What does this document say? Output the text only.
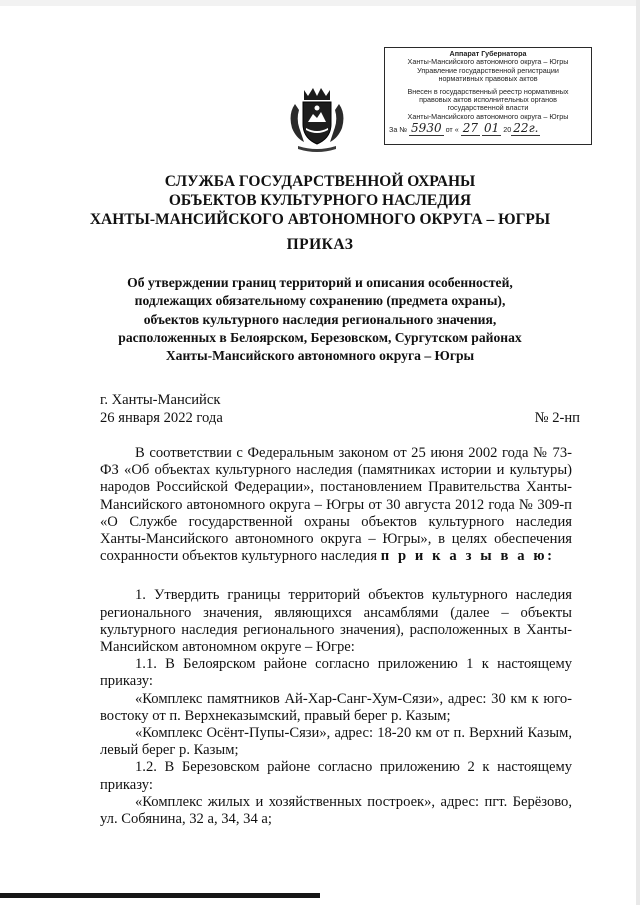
Аппарат Губернатора
Ханты-Мансийского автономного округа – Югры
Управление государственной регистрации
нормативных правовых актов
Внесен в государственный реестр нормативных
правовых актов исполнительных органов
государственной власти
Ханты-Мансийского автономного округа – Югры
За № 5930 от « 27 01 20 22г.
СЛУЖБА ГОСУДАРСТВЕННОЙ ОХРАНЫ
ОБЪЕКТОВ КУЛЬТУРНОГО НАСЛЕДИЯ
ХАНТЫ-МАНСИЙСКОГО АВТОНОМНОГО ОКРУГА – ЮГРЫ
ПРИКАЗ
Об утверждении границ территорий и описания особенностей,
подлежащих обязательному сохранению (предмета охраны),
объектов культурного наследия регионального значения,
расположенных в Белоярском, Березовском, Сургутском районах
Ханты-Мансийского автономного округа – Югры
г. Ханты-Мансийск
26 января 2022 года	№ 2-нп

В соответствии с Федеральным законом от 25 июня 2002 года № 73-ФЗ «Об объектах культурного наследия (памятниках истории и культуры) народов Российской Федерации», постановлением Правительства Ханты-Мансийского автономного округа – Югры от 30 августа 2012 года № 309-п «О Службе государственной охраны объектов культурного наследия Ханты-Мансийского автономного округа – Югры», в целях обеспечения сохранности объектов культурного наследия п р и к а з ы в а ю:

1. Утвердить границы территорий объектов культурного наследия регионального значения, являющихся ансамблями (далее – объекты культурного наследия регионального значения), расположенных в Ханты-Мансийском автономном округе – Югре:

1.1. В Белоярском районе согласно приложению 1 к настоящему приказу:

«Комплекс памятников Ай-Хар-Санг-Хум-Сязи», адрес: 30 км к юго-востоку от п. Верхнеказымский, правый берег р. Казым;

«Комплекс Осёнт-Пупы-Сязи», адрес: 18-20 км от п. Верхний Казым, левый берег р. Казым;

1.2. В Березовском районе согласно приложению 2 к настоящему приказу:

«Комплекс жилых и хозяйственных построек», адрес: пгт. Берёзово, ул. Собянина, 32 а, 34, 34 а;
